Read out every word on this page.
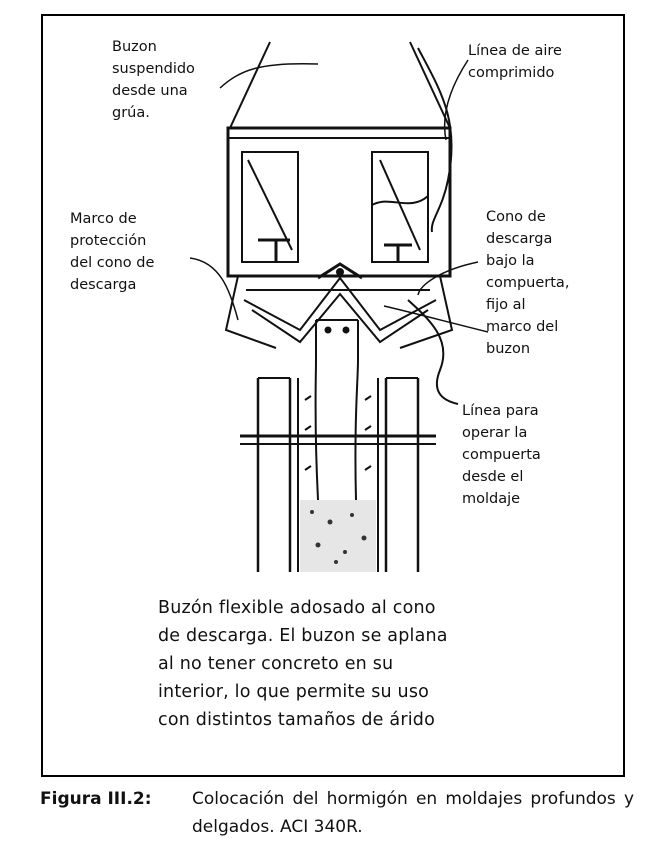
Buzon
suspendido
desde una
grúa.
Línea de aire
comprimido
Marco de
protección
del cono de
descarga
Cono de
descarga
bajo la
compuerta,
fijo al
marco del
buzon
Línea para
operar la
compuerta
desde el
moldaje
Buzón flexible adosado al cono
de descarga. El buzon se aplana
al no tener concreto en su
interior, lo que permite su uso
con distintos tamaños de árido
Figura III.2: Colocación del hormigón en moldajes profundos y delgados. ACI 340R.
